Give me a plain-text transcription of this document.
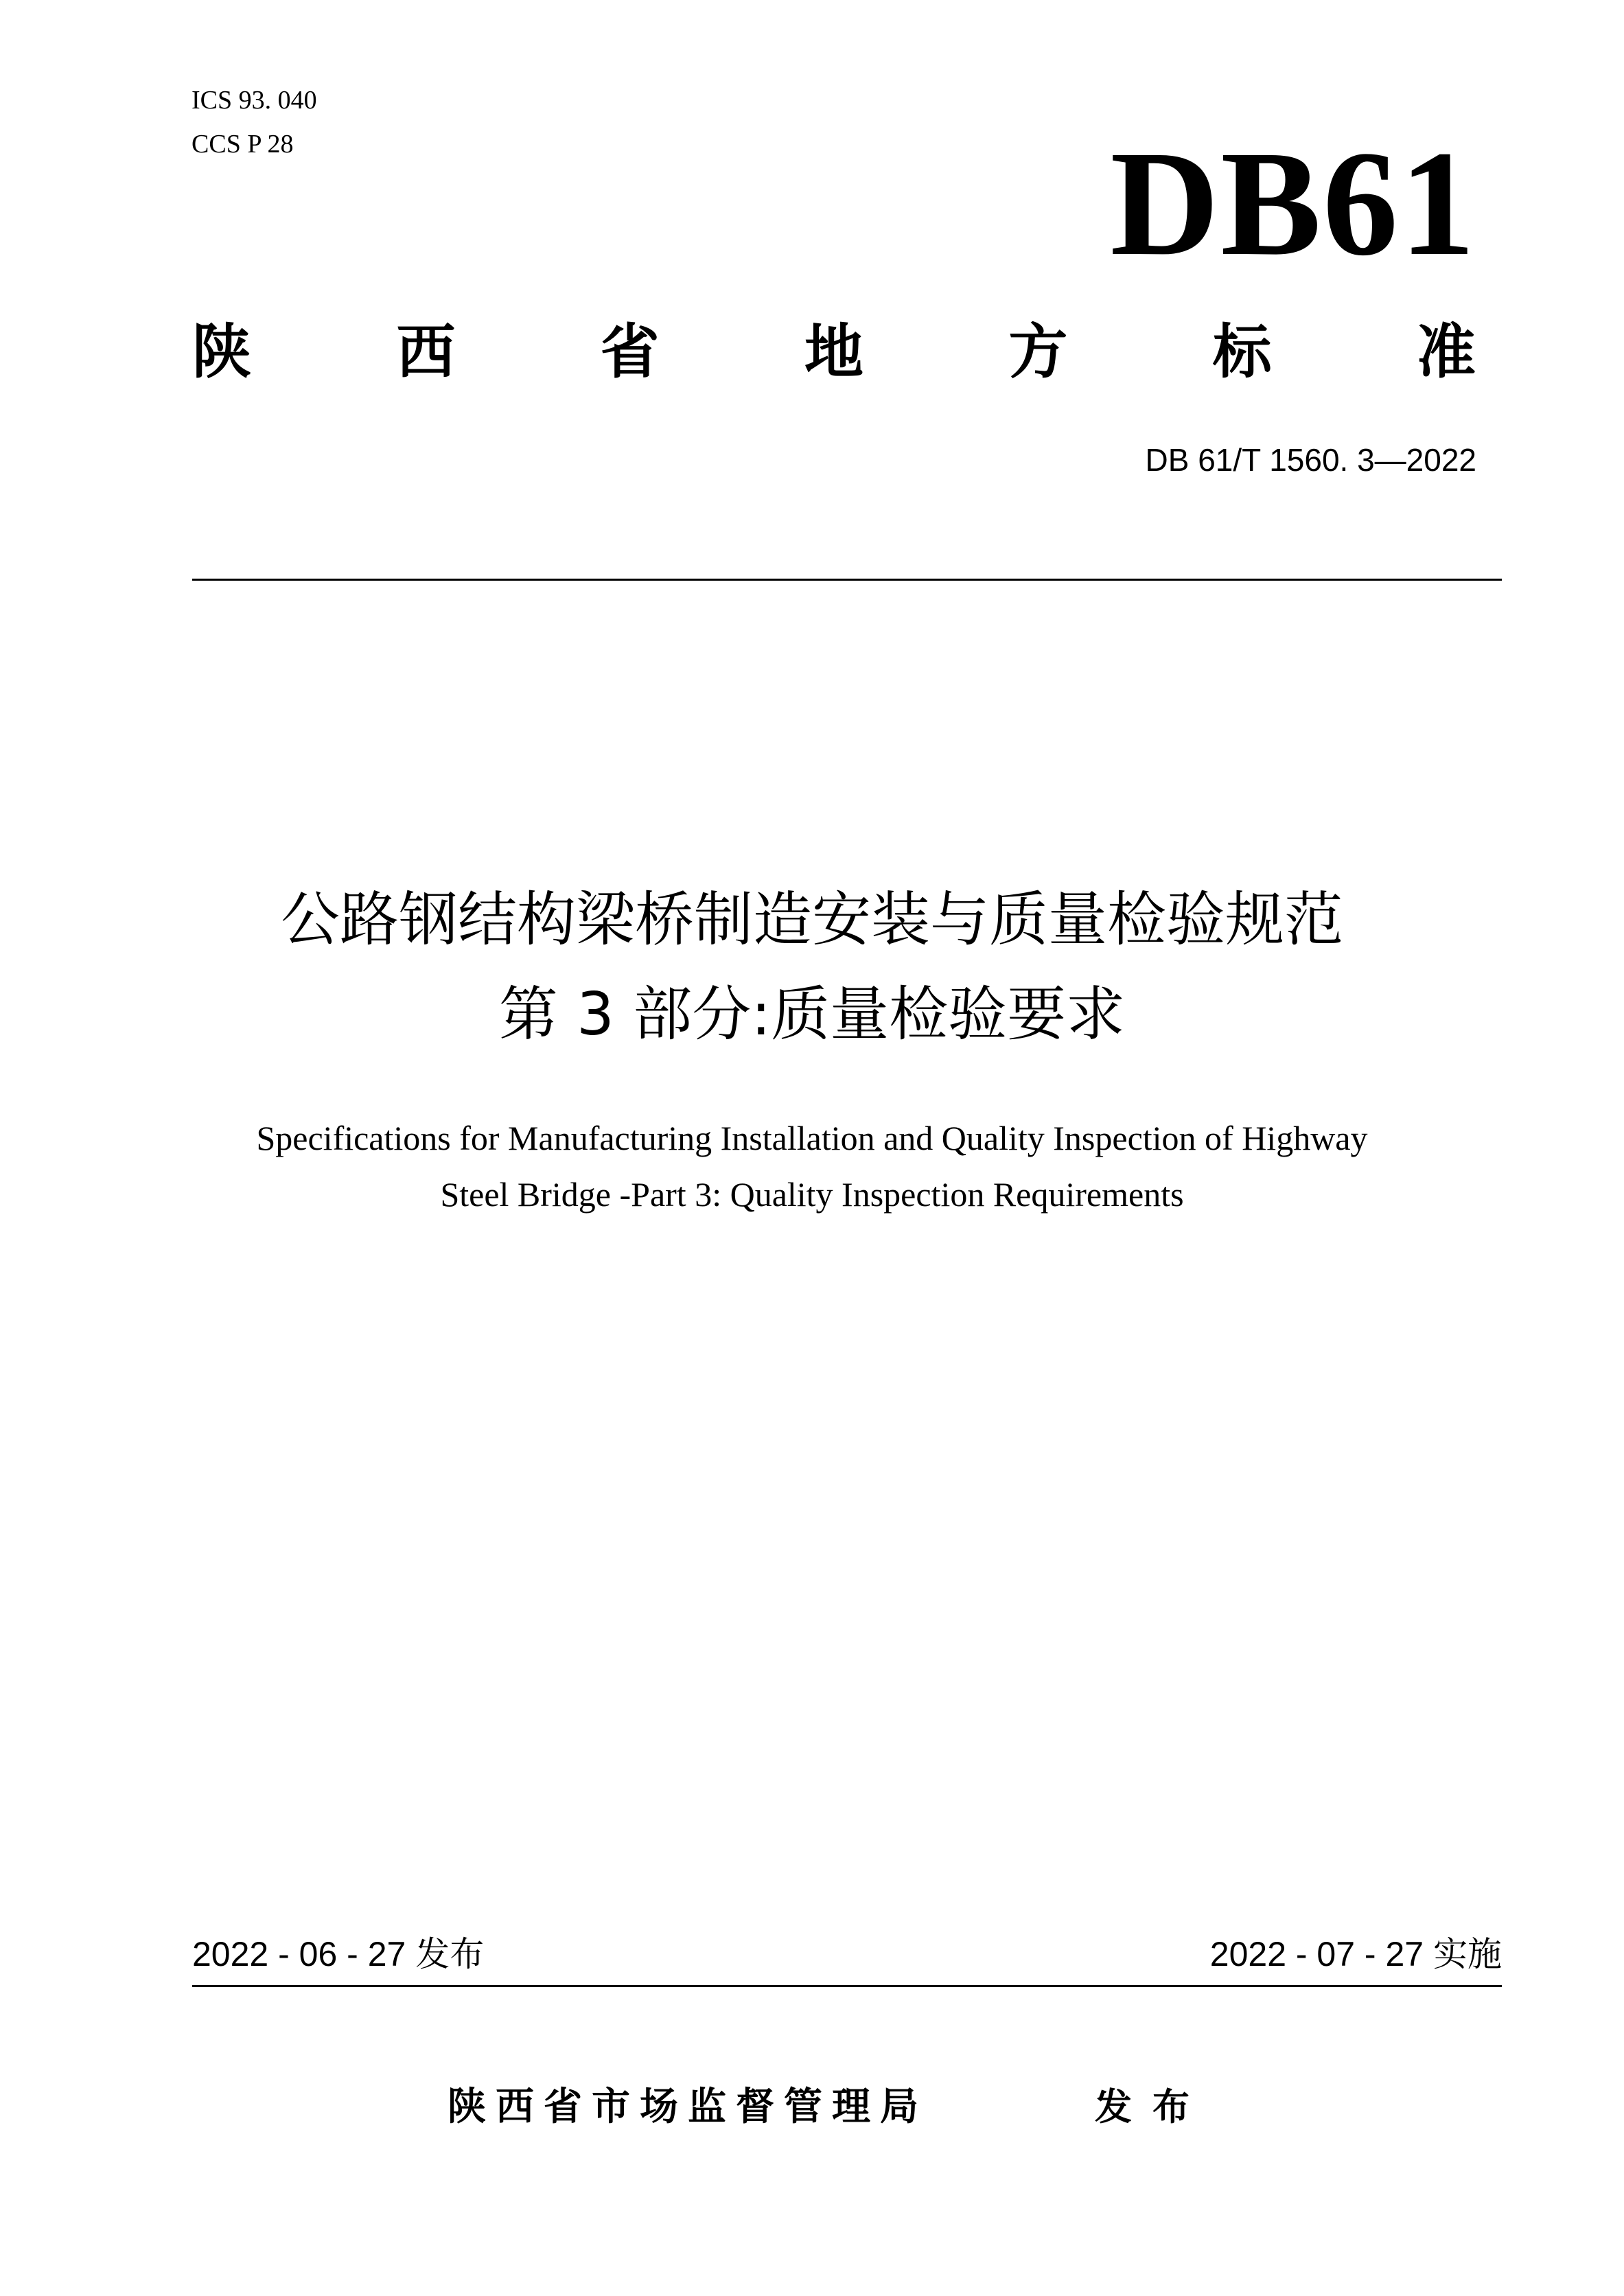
ICS 93. 040
CCS P 28	DB61
陕 西 省 地 方 标 准
DB 61/T 1560. 3—2022
公路钢结构梁桥制造安装与质量检验规范
第 3 部分:质量检验要求
Specifications for Manufacturing Installation and Quality Inspection of Highway
Steel Bridge -Part 3: Quality Inspection Requirements
2022 - 06 - 27 发布	2022 - 07 - 27 实施
陕西省市场监督管理局	发布
